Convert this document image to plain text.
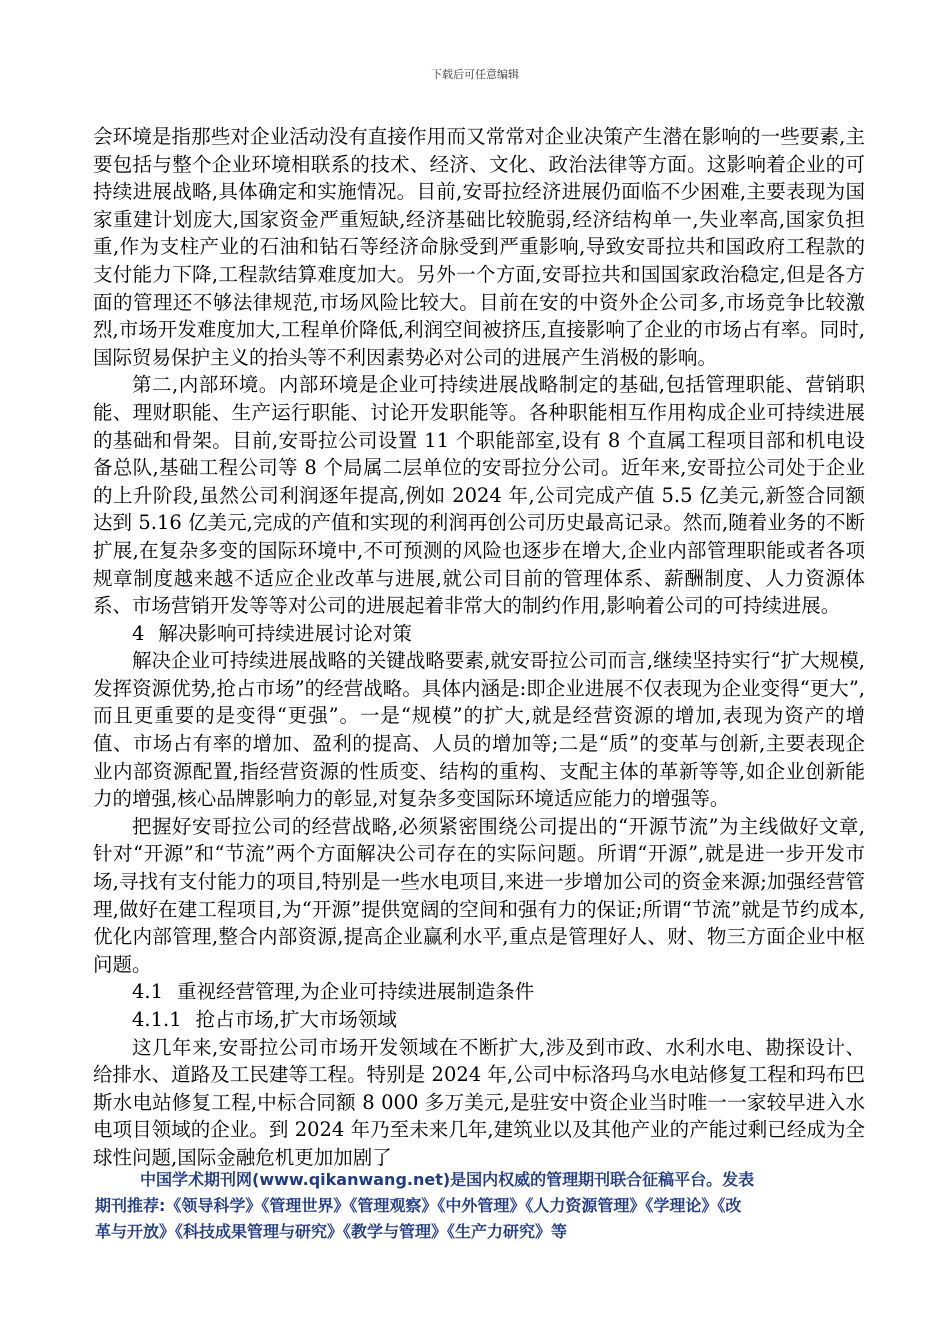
下载后可任意编辑

会环境是指那些对企业活动没有直接作用而又常常对企业决策产生潜在影响的一些要素,主要包括与整个企业环境相联系的技术、经济、文化、政治法律等方面。这影响着企业的可持续进展战略,具体确定和实施情况。目前,安哥拉经济进展仍面临不少困难,主要表现为国家重建计划庞大,国家资金严重短缺,经济基础比较脆弱,经济结构单一,失业率高,国家负担重,作为支柱产业的石油和钻石等经济命脉受到严重影响,导致安哥拉共和国政府工程款的支付能力下降,工程款结算难度加大。另外一个方面,安哥拉共和国国家政治稳定,但是各方面的管理还不够法律规范,市场风险比较大。目前在安的中资外企公司多,市场竞争比较激烈,市场开发难度加大,工程单价降低,利润空间被挤压,直接影响了企业的市场占有率。同时,国际贸易保护主义的抬头等不利因素势必对公司的进展产生消极的影响。

第二,内部环境。内部环境是企业可持续进展战略制定的基础,包括管理职能、营销职能、理财职能、生产运行职能、讨论开发职能等。各种职能相互作用构成企业可持续进展的基础和骨架。目前,安哥拉公司设置 11 个职能部室,设有 8 个直属工程项目部和机电设备总队,基础工程公司等 8 个局属二层单位的安哥拉分公司。近年来,安哥拉公司处于企业的上升阶段,虽然公司利润逐年提高,例如 2024 年,公司完成产值 5.5 亿美元,新签合同额达到 5.16 亿美元,完成的产值和实现的利润再创公司历史最高记录。然而,随着业务的不断扩展,在复杂多变的国际环境中,不可预测的风险也逐步在增大,企业内部管理职能或者各项规章制度越来越不适应企业改革与进展,就公司目前的管理体系、薪酬制度、人力资源体系、市场营销开发等等对公司的进展起着非常大的制约作用,影响着公司的可持续进展。

4 解决影响可持续进展讨论对策

解决企业可持续进展战略的关键战略要素,就安哥拉公司而言,继续坚持实行“扩大规模,发挥资源优势,抢占市场”的经营战略。具体内涵是:即企业进展不仅表现为企业变得“更大”,而且更重要的是变得“更强”。一是“规模”的扩大,就是经营资源的增加,表现为资产的增值、市场占有率的增加、盈利的提高、人员的增加等;二是“质”的变革与创新,主要表现企业内部资源配置,指经营资源的性质变、结构的重构、支配主体的革新等等,如企业创新能力的增强,核心品牌影响力的彰显,对复杂多变国际环境适应能力的增强等。

把握好安哥拉公司的经营战略,必须紧密围绕公司提出的“开源节流”为主线做好文章,针对“开源”和“节流”两个方面解决公司存在的实际问题。所谓“开源”,就是进一步开发市场,寻找有支付能力的项目,特别是一些水电项目,来进一步增加公司的资金来源;加强经营管理,做好在建工程项目,为“开源”提供宽阔的空间和强有力的保证;所谓“节流”就是节约成本,优化内部管理,整合内部资源,提高企业赢利水平,重点是管理好人、财、物三方面企业中枢问题。

4.1 重视经营管理,为企业可持续进展制造条件

4.1.1 抢占市场,扩大市场领域

这几年来,安哥拉公司市场开发领域在不断扩大,涉及到市政、水利水电、勘探设计、给排水、道路及工民建等工程。特别是 2024 年,公司中标洛玛乌水电站修复工程和玛布巴斯水电站修复工程,中标合同额 8 000 多万美元,是驻安中资企业当时唯一一家较早进入水电项目领域的企业。到 2024 年乃至未来几年,建筑业以及其他产业的产能过剩已经成为全球性问题,国际金融危机更加加剧了

中国学术期刊网(www.qikanwang.net)是国内权威的管理期刊联合征稿平台。发表

期刊推荐:《领导科学》《管理世界》《管理观察》《中外管理》《人力资源管理》《学理论》《改

革与开放》《科技成果管理与研究》《教学与管理》《生产力研究》等
